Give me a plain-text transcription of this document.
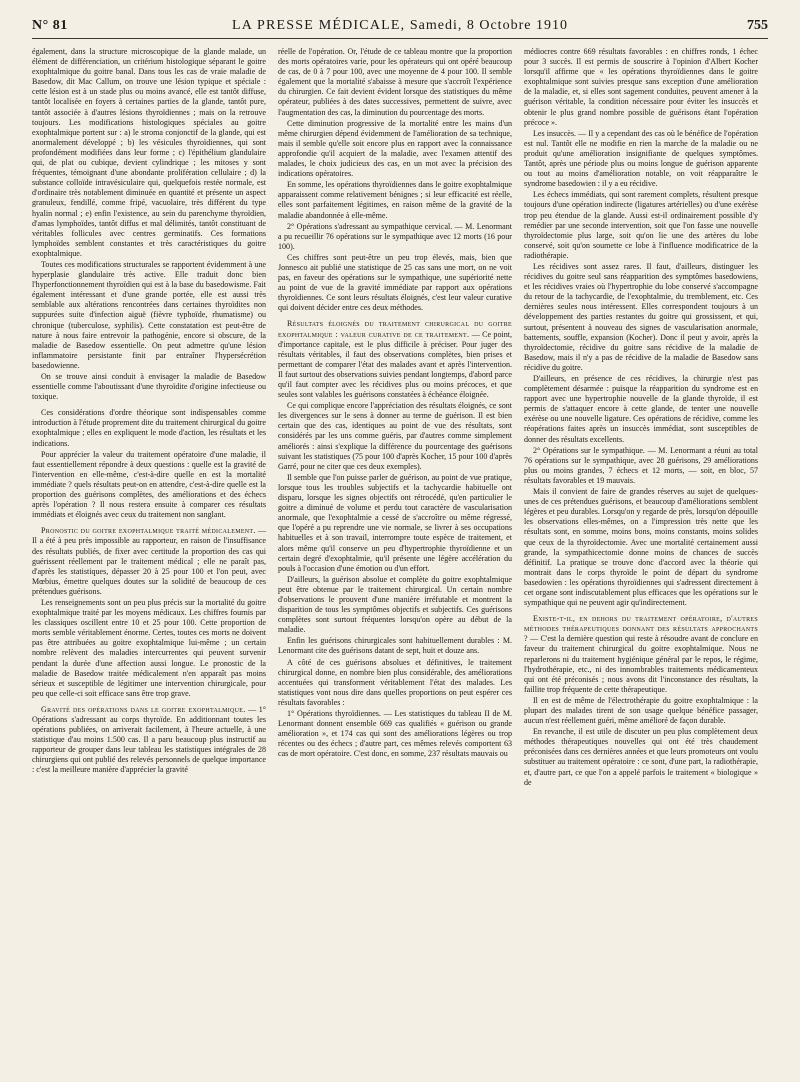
N° 81	LA PRESSE MÉDICALE, Samedi, 8 Octobre 1910	755

également, dans la structure microscopique de la glande malade, un élément de différenciation, un critérium histologique séparant le goitre exophtalmique du goitre banal. Dans tous les cas de vraie maladie de Basedow, dit Mac Callum, on trouve une lésion typique et spéciale : cette lésion est à un stade plus ou moins avancé, elle est tantôt diffuse, tantôt localisée en foyers à certaines parties de la glande, tantôt pure, tantôt associée à d'autres lésions thyroïdiennes ; mais on la retrouve toujours. Les modifications histologiques spéciales au goitre exophtalmique portent sur : a) le stroma conjonctif de la glande, qui est anormalement développé ; b) les vésicules thyroïdiennes, qui sont profondément modifiées dans leur forme ; c) l'épithélium glandulaire qui, de plat ou cubique, devient cylindrique ; les mitoses y sont fréquentes, témoignant d'une abondante prolifération cellulaire ; d) la substance colloïde intravésiculaire qui, quelquefois restée normale, est d'ordinaire très notablement diminuée en quantité et présente un aspect granuleux, fendillé, comme fripé, vacuolaire, très différent du type hyalin normal ; e) enfin l'existence, au sein du parenchyme thyroïdien, d'amas lymphoïdes, tantôt diffus et mal délimités, tantôt constituant de véritables follicules avec centres germinatifs. Ces formations lymphoïdes semblent constantes et très caractéristiques du goitre exophtalmique.

Toutes ces modifications structurales se rapportent évidemment à une hyperplasie glandulaire très active. Elle traduit donc bien l'hyperfonctionnement thyroïdien qui est à la base du basedowisme. Fait également intéressant et d'une grande portée, elle est aussi très semblable aux altérations rencontrées dans certaines thyroïdites non suppurées suite d'infection aiguë (fièvre typhoïde, rhumatisme) ou chronique (tuberculose, syphilis). Cette constatation est peut-être de nature à nous faire entrevoir la pathogénie, encore si obscure, de la maladie de Basedow essentielle. On peut admettre qu'une lésion inflammatoire persistante finit par entraîner l'hypersécrétion basedowienne.

On se trouve ainsi conduit à envisager la maladie de Basedow essentielle comme l'aboutissant d'une thyroïdite d'origine infectieuse ou toxique.

Ces considérations d'ordre théorique sont indispensables comme introduction à l'étude proprement dite du traitement chirurgical du goitre exophtalmique ; elles en expliquent le mode d'action, les résultats et les indications.

Pour apprécier la valeur du traitement opératoire d'une maladie, il faut essentiellement répondre à deux questions : quelle est la gravité de l'intervention en elle-même, c'est-à-dire quelle en est la mortalité immédiate ? quels résultats peut-on en attendre, c'est-à-dire quelle est la proportion des guérisons complètes, des améliorations et des échecs après l'opération ? Il nous restera ensuite à comparer ces résultats immédiats et éloignés avec ceux du traitement non sanglant.

Pronostic du goitre exophtalmique traité médicalement. — Il a été à peu près impossible au rapporteur, en raison de l'insuffisance des résultats publiés, de fixer avec certitude la proportion des cas qui guérissent réellement par le traitement médical ; elle ne paraît pas, d'après les statistiques, dépasser 20 à 25 pour 100 et l'on peut, avec Mœbius, émettre quelques doutes sur la solidité de beaucoup de ces prétendues guérisons.

Les renseignements sont un peu plus précis sur la mortalité du goitre exophtalmique traité par les moyens médicaux. Les chiffres fournis par les classiques oscillent entre 10 et 25 pour 100. Cette proportion de morts semble véritablement énorme. Certes, toutes ces morts ne doivent pas être attribuées au goitre exophtalmique lui-même ; un certain nombre relèvent des maladies intercurrentes qui peuvent survenir pendant la durée d'une affection aussi longue. Le pronostic de la maladie de Basedow traitée médicalement n'en apparaît pas moins sérieux et susceptible de légitimer une intervention chirurgicale, pour peu que celle-ci soit efficace sans être trop grave.

Gravité des opérations dans le goitre exophtalmique. — 1° Opérations s'adressant au corps thyroïde. En additionnant toutes les opérations publiées, on arriverait facilement, à l'heure actuelle, à une statistique d'au moins 1.500 cas. Il a paru beaucoup plus instructif au rapporteur de grouper dans leur tableau les statistiques intégrales de 28 chirurgiens qui ont publié des relevés personnels de quelque importance : c'est la meilleure manière d'apprécier la gravité

réelle de l'opération. Or, l'étude de ce tableau montre que la proportion des morts opératoires varie, pour les opérateurs qui ont opéré beaucoup de cas, de 0 à 7 pour 100, avec une moyenne de 4 pour 100. Il semble également que la mortalité s'abaisse à mesure que s'accroît l'expérience du chirurgien. Ce fait devient évident lorsque des statistiques du même opérateur, publiées à des dates successives, permettent de suivre, avec l'augmentation des cas, la diminution du pourcentage des morts.

Cette diminution progressive de la mortalité entre les mains d'un même chirurgien dépend évidemment de l'amélioration de sa technique, mais il semble qu'elle soit encore plus en rapport avec la connaissance approfondie qu'il acquiert de la maladie, avec l'examen attentif des malades, le choix judicieux des cas, en un mot avec la précision des indications opératoires.

En somme, les opérations thyroïdiennes dans le goitre exophtalmique apparaissent comme relativement bénignes ; si leur efficacité est réelle, elles sont parfaitement légitimes, en raison même de la gravité de la maladie abandonnée à elle-même.

2° Opérations s'adressant au sympathique cervical. — M. Lenormant a pu recueillir 76 opérations sur le sympathique avec 12 morts (16 pour 100).

Ces chiffres sont peut-être un peu trop élevés, mais, bien que Jonnesco ait publié une statistique de 25 cas sans une mort, on ne voit pas, en faveur des opérations sur le sympathique, une supériorité nette au point de vue de la gravité immédiate par rapport aux opérations thyroïdiennes. Ce sont leurs résultats éloignés, c'est leur valeur curative qui doivent décider entre ces deux méthodes.

Résultats éloignés du traitement chirurgical du goitre exophtalmique : valeur curative de ce traitement. — Ce point, d'importance capitale, est le plus difficile à préciser. Pour juger des résultats véritables, il faut des observations complètes, bien prises et permettant de comparer l'état des malades avant et après l'intervention. Il faut surtout des observations suivies pendant longtemps, d'abord parce qu'il faut compter avec les récidives plus ou moins précoces, et que seules sont valables les guérisons constatées à échéance éloignée.

Ce qui complique encore l'appréciation des résultats éloignés, ce sont les divergences sur le sens à donner au terme de guérison. Il est bien certain que des cas, identiques au point de vue des résultats, sont considérés par les uns comme guéris, par d'autres comme simplement améliorés : ainsi s'explique la différence du pourcentage des guérisons suivant les statistiques (75 pour 100 d'après Kocher, 15 pour 100 d'après Garré, pour ne citer que ces deux exemples).

Il semble que l'on puisse parler de guérison, au point de vue pratique, lorsque tous les troubles subjectifs et la tachycardie habituelle ont disparu, lorsque les signes objectifs ont rétrocédé, qu'en particulier le goitre a diminué de volume et perdu tout caractère de vascularisation anormale, que l'exophtalmie a cessé de s'accroître ou même régressé, que l'opéré a pu reprendre une vie normale, se livrer à ses occupations habituelles et à son travail, interrompre toute espèce de traitement, et alors même qu'il conserve un peu d'hypertrophie thyroïdienne et un certain degré d'exophtalmie, qu'il présente une légère accélération du pouls à l'occasion d'une émotion ou d'un effort.

D'ailleurs, la guérison absolue et complète du goitre exophtalmique peut être obtenue par le traitement chirurgical. Un certain nombre d'observations le prouvent d'une manière irréfutable et montrent la disparition de tous les symptômes objectifs et subjectifs. Ces guérisons complètes sont surtout fréquentes lorsqu'on opère au début de la maladie.

Enfin les guérisons chirurgicales sont habituellement durables : M. Lenormant cite des guérisons datant de sept, huit et douze ans.

A côté de ces guérisons absolues et définitives, le traitement chirurgical donne, en nombre bien plus considérable, des améliorations accentuées qui transforment véritablement l'état des malades. Les statistiques vont nous dire dans quelles proportions on peut espérer ces résultats favorables :

1° Opérations thyroïdiennes. — Les statistiques du tableau II de M. Lenormant donnent ensemble 669 cas qualifiés « guérison ou grande amélioration », et 174 cas qui sont des améliorations légères ou trop récentes ou des échecs ; d'autre part, ces mêmes relevés comportent 63 cas de mort opératoire. C'est donc, en somme, 237 résultats mauvais ou

médiocres contre 669 résultats favorables : en chiffres ronds, 1 échec pour 3 succès. Il est permis de souscrire à l'opinion d'Albert Kocher lorsqu'il affirme que « les opérations thyroïdiennes dans le goitre exophtalmique sont suivies presque sans exception d'une amélioration de la maladie, et, si elles sont sagement conduites, peuvent amener à la guérison véritable, la condition nécessaire pour éviter les insuccès et obtenir le plus grand nombre possible de guérisons étant l'opération précoce ».

Les insuccès. — Il y a cependant des cas où le bénéfice de l'opération est nul. Tantôt elle ne modifie en rien la marche de la maladie ou ne produit qu'une amélioration insignifiante de quelques symptômes. Tantôt, après une période plus ou moins longue de guérison apparente ou tout au moins d'amélioration notable, on voit réapparaître le syndrome basedowien : il y a eu récidive.

Les échecs immédiats, qui sont rarement complets, résultent presque toujours d'une opération indirecte (ligatures artérielles) ou d'une exérèse trop peu étendue de la glande. Aussi est-il ordinairement possible d'y remédier par une seconde intervention, soit que l'on fasse une nouvelle thyroïdectomie plus large, soit qu'on lie une des artères du lobe conservé, soit qu'on soumette ce lobe à l'influence modificatrice de la radiothérapie.

Les récidives sont assez rares. Il faut, d'ailleurs, distinguer les récidives du goitre seul sans réapparition des symptômes basedowiens, et les récidives vraies où l'hypertrophie du lobe conservé s'accompagne du retour de la tachycardie, de l'exophtalmie, du tremblement, etc. Ces dernières seules nous intéressent. Elles correspondent toujours à un développement des parties restantes du goitre qui grossissent, et qui, surtout, présentent à nouveau des signes de vascularisation anormale, battements, souffle, expansion (Kocher). Donc il peut y avoir, après la thyroïdectomie, récidive du goitre sans récidive de la maladie de Basedow, mais il n'y a pas de récidive de la maladie de Basedow sans récidive du goitre.

D'ailleurs, en présence de ces récidives, la chirurgie n'est pas complètement désarmée : puisque la réapparition du syndrome est en rapport avec une hypertrophie nouvelle de la glande thyroïde, il est permis de s'attaquer encore à cette glande, de tenter une nouvelle exérèse ou une nouvelle ligature. Ces opérations de récidive, comme les réopérations faites après un insuccès immédiat, sont susceptibles de donner des résultats excellents.

2° Opérations sur le sympathique. — M. Lenormant a réuni au total 76 opérations sur le sympathique, avec 28 guérisons, 29 améliorations plus ou moins grandes, 7 échecs et 12 morts, — soit, en bloc, 57 résultats favorables et 19 mauvais.

Mais il convient de faire de grandes réserves au sujet de quelques-unes de ces prétendues guérisons, et beaucoup d'améliorations semblent légères et peu durables. Lorsqu'on y regarde de près, lorsqu'on dépouille les observations elles-mêmes, on a l'impression très nette que les résultats sont, en somme, moins bons, moins constants, moins solides que ceux de la thyroïdectomie. Avec une mortalité certainement aussi grande, la sympathicectomie donne moins de chances de succès définitif. La pratique se trouve donc d'accord avec la théorie qui montrait dans le corps thyroïde le point de départ du syndrome basedowien : les opérations thyroïdiennes qui s'adressent directement à cet organe sont indiscutablement plus efficaces que les opérations sur le sympathique qui ne peuvent agir qu'indirectement.

Existe-t-il, en dehors du traitement opératoire, d'autres méthodes thérapeutiques donnant des résultats approchants ? — C'est la dernière question qui reste à résoudre avant de conclure en faveur du traitement chirurgical du goitre exophtalmique. Nous ne reparlerons ni du traitement hygiénique général par le repos, le régime, l'hydrothérapie, etc., ni des innombrables traitements médicamenteux qui ont été préconisés ; nous avons dit l'inconstance des résultats, la faillite trop fréquente de cette thérapeutique.

Il en est de même de l'électrothérapie du goitre exophtalmique : la plupart des malades tirent de son usage quelque bénéfice passager, aucun n'est réellement guéri, même amélioré de façon durable.

En revanche, il est utile de discuter un peu plus complètement deux méthodes thérapeutiques nouvelles qui ont été très chaudement préconisées dans ces dernières années et que leurs promoteurs ont voulu substituer au traitement opératoire : ce sont, d'une part, la radiothérapie, et, d'autre part, ce que l'on a appelé parfois le traitement « biologique » de
